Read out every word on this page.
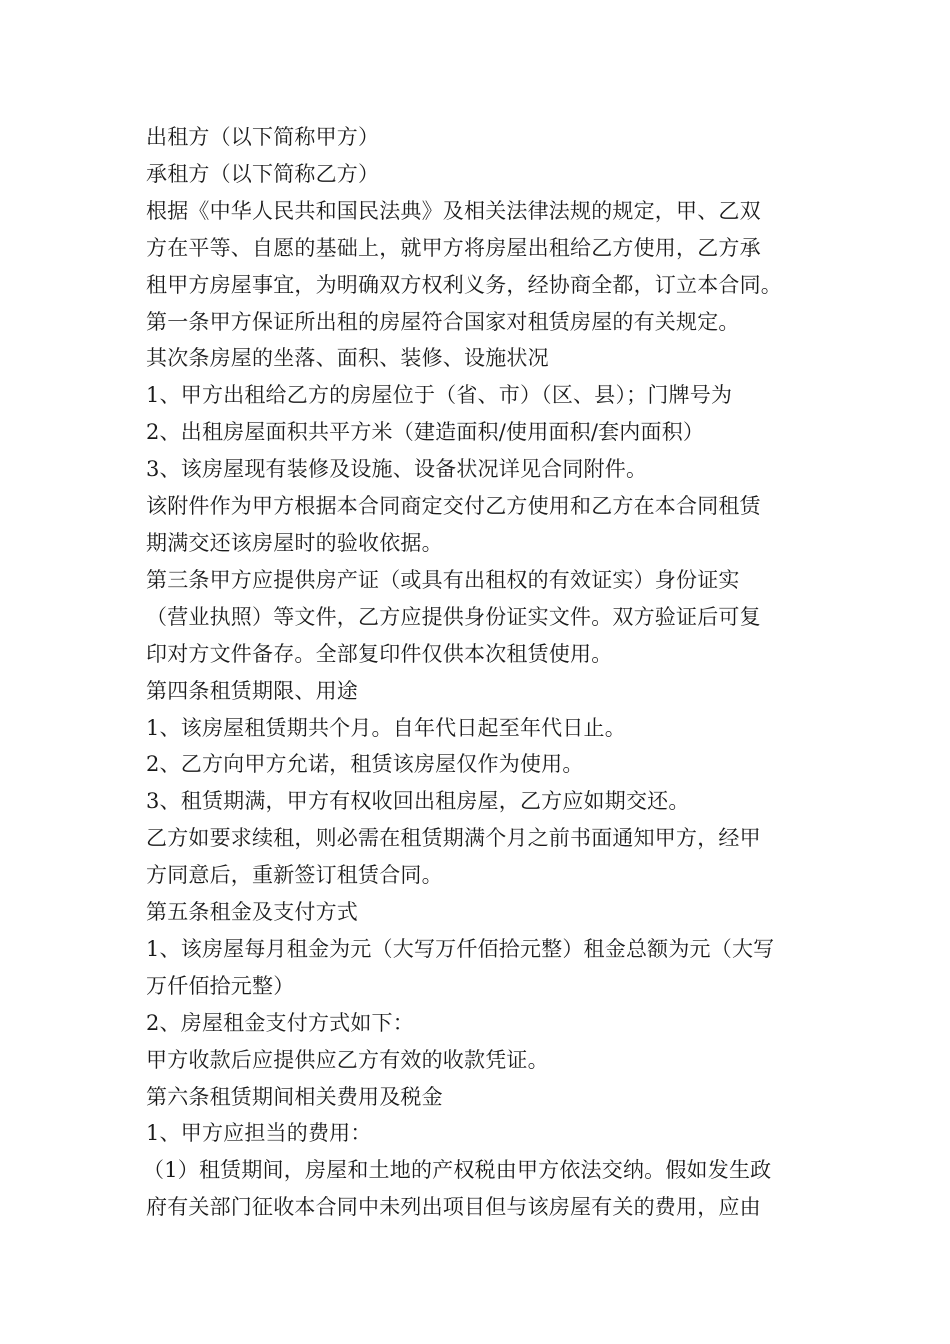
出租方（以下简称甲方）
承租方（以下简称乙方）
根据《中华人民共和国民法典》及相关法律法规的规定，甲、乙双
方在平等、自愿的基础上，就甲方将房屋出租给乙方使用，乙方承
租甲方房屋事宜，为明确双方权利义务，经协商全都，订立本合同。
第一条甲方保证所出租的房屋符合国家对租赁房屋的有关规定。
其次条房屋的坐落、面积、装修、设施状况
1、甲方出租给乙方的房屋位于（省、市）（区、县）；门牌号为
2、出租房屋面积共平方米（建造面积/使用面积/套内面积）
3、该房屋现有装修及设施、设备状况详见合同附件。
该附件作为甲方根据本合同商定交付乙方使用和乙方在本合同租赁
期满交还该房屋时的验收依据。
第三条甲方应提供房产证（或具有出租权的有效证实）身份证实
（营业执照）等文件，乙方应提供身份证实文件。双方验证后可复
印对方文件备存。全部复印件仅供本次租赁使用。
第四条租赁期限、用途
1、该房屋租赁期共个月。自年代日起至年代日止。
2、乙方向甲方允诺，租赁该房屋仅作为使用。
3、租赁期满，甲方有权收回出租房屋，乙方应如期交还。
乙方如要求续租，则必需在租赁期满个月之前书面通知甲方，经甲
方同意后，重新签订租赁合同。
第五条租金及支付方式
1、该房屋每月租金为元（大写万仟佰拾元整）租金总额为元（大写
万仟佰拾元整）
2、房屋租金支付方式如下：
甲方收款后应提供应乙方有效的收款凭证。
第六条租赁期间相关费用及税金
1、甲方应担当的费用：
（1）租赁期间，房屋和土地的产权税由甲方依法交纳。假如发生政
府有关部门征收本合同中未列出项目但与该房屋有关的费用，应由
